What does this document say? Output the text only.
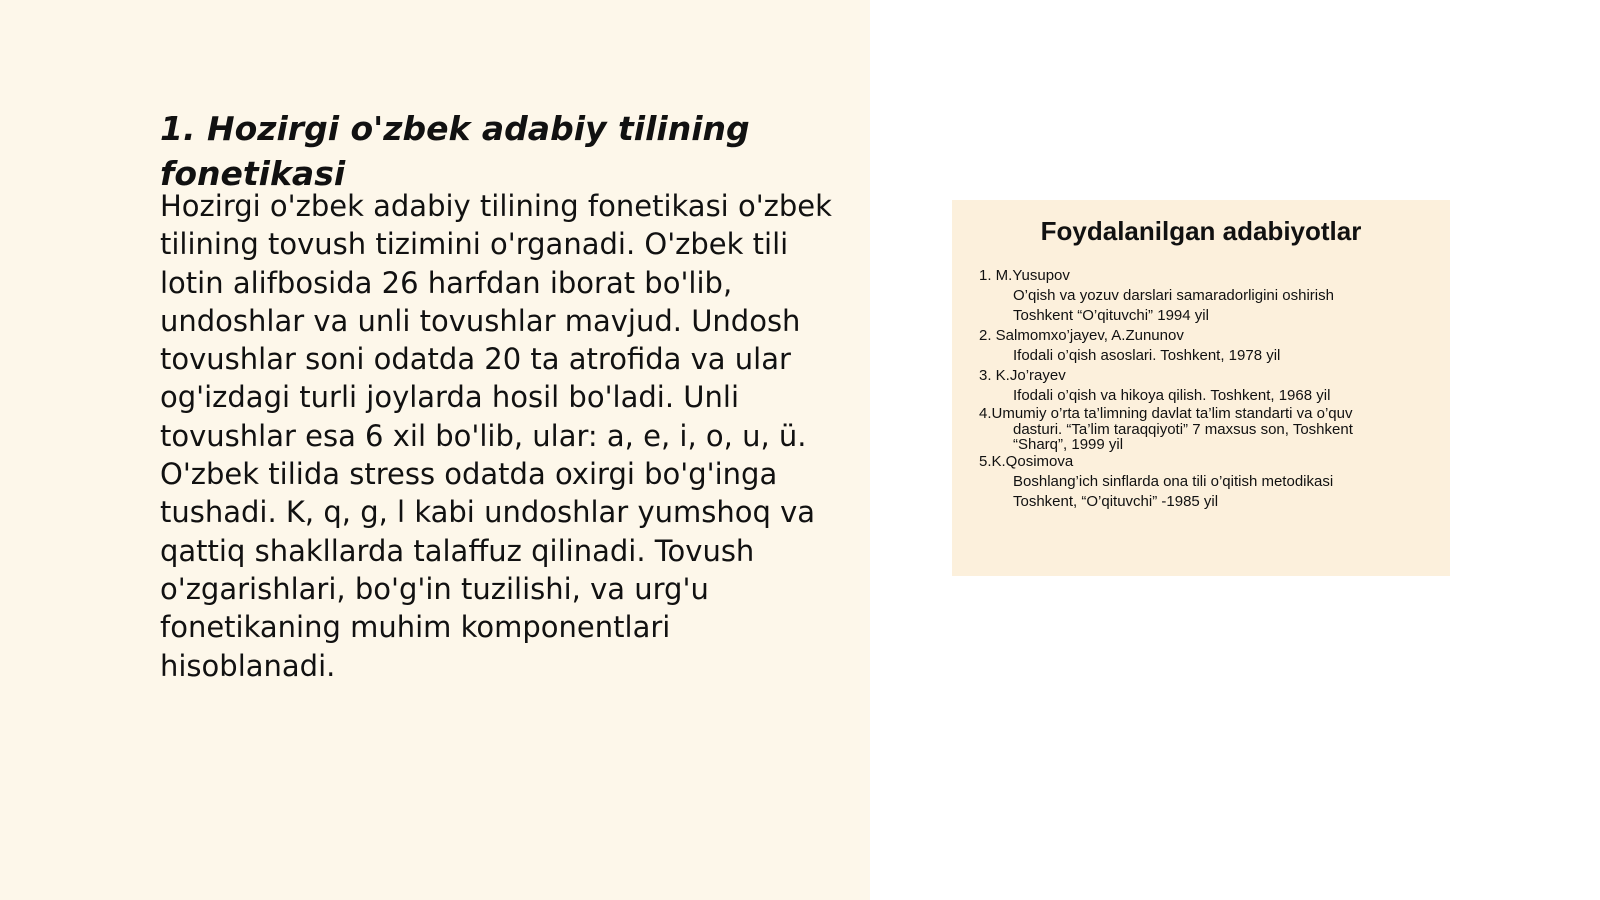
1. Hozirgi o'zbek adabiy tilining fonetikasi

Hozirgi o'zbek adabiy tilining fonetikasi o'zbek tilining tovush tizimini o'rganadi. O'zbek tili lotin alifbosida 26 harfdan iborat bo'lib, undoshlar va unli tovushlar mavjud. Undosh tovushlar soni odatda 20 ta atrofida va ular og'izdagi turli joylarda hosil bo'ladi. Unli tovushlar esa 6 xil bo'lib, ular: a, e, i, o, u, ü. O'zbek tilida stress odatda oxirgi bo'g'inga tushadi. K, q, g, l kabi undoshlar yumshoq va qattiq shakllarda talaffuz qilinadi. Tovush o'zgarishlari, bo'g'in tuzilishi, va urg'u fonetikaning muhim komponentlari hisoblanadi.

Foydalanilgan adabiyotlar

1. M.Yusupov
O’qish va yozuv darslari samaradorligini oshirish
Toshkent “O’qituvchi” 1994 yil
2. Salmomxo’jayev, A.Zununov
Ifodali o’qish asoslari. Toshkent, 1978 yil
3. K.Jo’rayev
Ifodali o’qish va hikoya qilish. Toshkent, 1968 yil
4.Umumiy o’rta ta’limning davlat ta’lim standarti va o’quv
dasturi. “Ta’lim taraqqiyoti” 7 maxsus son, Toshkent
“Sharq”, 1999 yil
5.K.Qosimova
Boshlang’ich sinflarda ona tili o’qitish metodikasi
Toshkent, “O’qituvchi” -1985 yil
